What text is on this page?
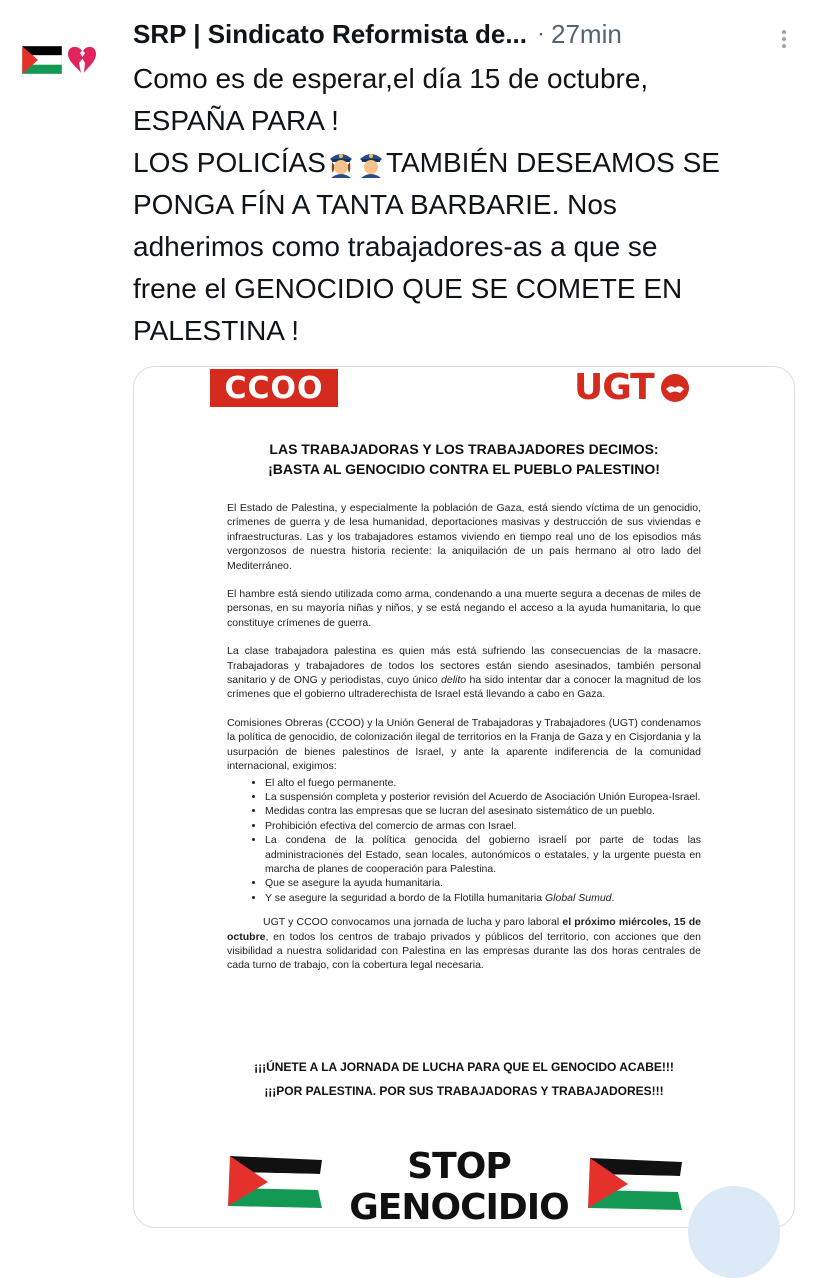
SRP | Sindicato Reformista de... · 27min
Como es de esperar,el día 15 de octubre,
ESPAÑA PARA !
LOS POLICÍAS TAMBIÉN DESEAMOS SE
PONGA FÍN A TANTA BARBARIE. Nos
adherimos como trabajadores-as a que se
frene el GENOCIDIO QUE SE COMETE EN
PALESTINA !
CCOO	UGT
LAS TRABAJADORAS Y LOS TRABAJADORES DECIMOS:
¡BASTA AL GENOCIDIO CONTRA EL PUEBLO PALESTINO!

El Estado de Palestina, y especialmente la población de Gaza, está siendo víctima de un genocidio, crímenes de guerra y de lesa humanidad, deportaciones masivas y destrucción de sus viviendas e infraestructuras. Las y los trabajadores estamos viviendo en tiempo real uno de los episodios más vergonzosos de nuestra historia reciente: la aniquilación de un país hermano al otro lado del Mediterráneo.

El hambre está siendo utilizada como arma, condenando a una muerte segura a decenas de miles de personas, en su mayoría niñas y niños, y se está negando el acceso a la ayuda humanitaria, lo que constituye crímenes de guerra.

La clase trabajadora palestina es quien más está sufriendo las consecuencias de la masacre. Trabajadoras y trabajadores de todos los sectores están siendo asesinados, también personal sanitario y de ONG y periodistas, cuyo único delito ha sido intentar dar a conocer la magnitud de los crímenes que el gobierno ultraderechista de Israel está llevando a cabo en Gaza.

Comisiones Obreras (CCOO) y la Unión General de Trabajadoras y Trabajadores (UGT) condenamos la política de genocidio, de colonización ilegal de territorios en la Franja de Gaza y en Cisjordania y la usurpación de bienes palestinos de Israel, y ante la aparente indiferencia de la comunidad internacional, exigimos:

• El alto el fuego permanente.
• La suspensión completa y posterior revisión del Acuerdo de Asociación Unión Europea-Israel.
• Medidas contra las empresas que se lucran del asesinato sistemático de un pueblo.
• Prohibición efectiva del comercio de armas con Israel.
• La condena de la política genocida del gobierno israelí por parte de todas las administraciones del Estado, sean locales, autonómicos o estatales, y la urgente puesta en marcha de planes de cooperación para Palestina.
• Que se asegure la ayuda humanitaria.
• Y se asegure la seguridad a bordo de la Flotilla humanitaria Global Sumud.

UGT y CCOO convocamos una jornada de lucha y paro laboral el próximo miércoles, 15 de octubre, en todos los centros de trabajo privados y públicos del territorio, con acciones que den visibilidad a nuestra solidaridad con Palestina en las empresas durante las dos horas centrales de cada turno de trabajo, con la cobertura legal necesaria.

¡¡¡ÚNETE A LA JORNADA DE LUCHA PARA QUE EL GENOCIDO ACABE!!!
¡¡¡POR PALESTINA. POR SUS TRABAJADORAS Y TRABAJADORES!!!
STOP GENOCIDIO
